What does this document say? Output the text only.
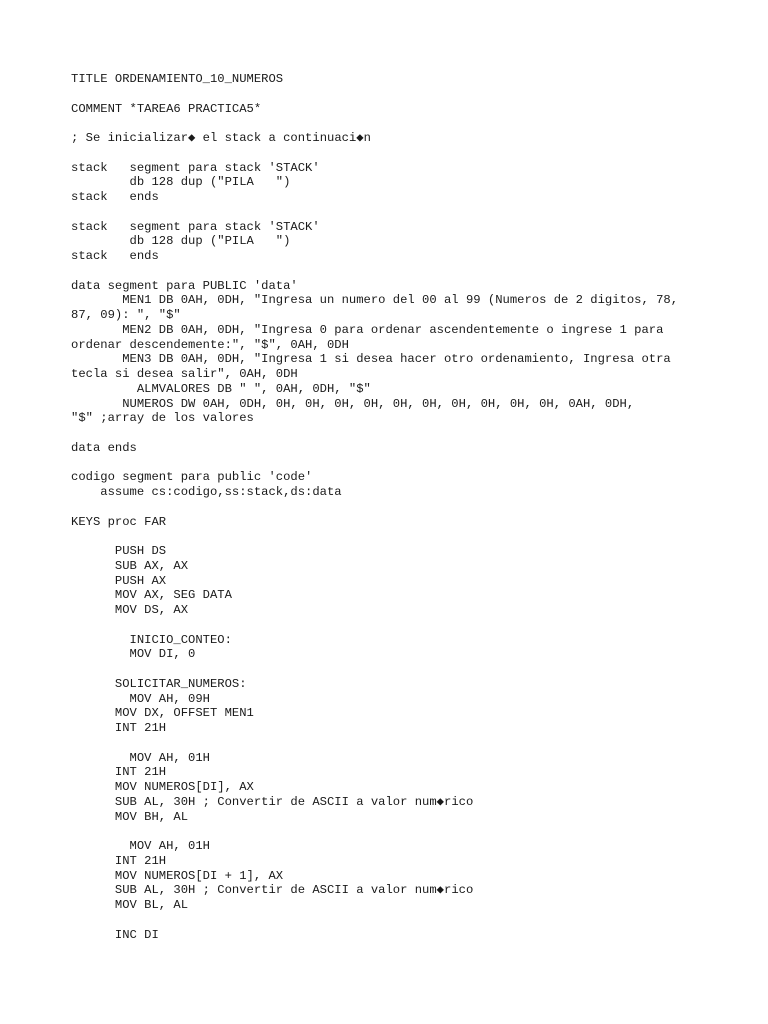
TITLE ORDENAMIENTO_10_NUMEROS
COMMENT *TAREA6 PRACTICA5*
; Se inicializar◆ el stack a continuaci◆n
stack   segment para stack 'STACK'
db 128 dup ("PILA   ")
stack   ends
stack   segment para stack 'STACK'
db 128 dup ("PILA   ")
stack   ends
data segment para PUBLIC 'data'
MEN1 DB 0AH, 0DH, "Ingresa un numero del 00 al 99 (Numeros de 2 digitos, 78,
87, 09): ", "$"
MEN2 DB 0AH, 0DH, "Ingresa 0 para ordenar ascendentemente o ingrese 1 para
ordenar descendemente:", "$", 0AH, 0DH
MEN3 DB 0AH, 0DH, "Ingresa 1 si desea hacer otro ordenamiento, Ingresa otra
tecla si desea salir", 0AH, 0DH
ALMVALORES DB " ", 0AH, 0DH, "$"
NUMEROS DW 0AH, 0DH, 0H, 0H, 0H, 0H, 0H, 0H, 0H, 0H, 0H, 0H, 0AH, 0DH,
"$" ;array de los valores
data ends
codigo segment para public 'code'
assume cs:codigo,ss:stack,ds:data
KEYS proc FAR
PUSH DS
SUB AX, AX
PUSH AX
MOV AX, SEG DATA
MOV DS, AX
INICIO_CONTEO:
MOV DI, 0
SOLICITAR_NUMEROS:
MOV AH, 09H
MOV DX, OFFSET MEN1
INT 21H
MOV AH, 01H
INT 21H
MOV NUMEROS[DI], AX
SUB AL, 30H ; Convertir de ASCII a valor num◆rico
MOV BH, AL
MOV AH, 01H
INT 21H
MOV NUMEROS[DI + 1], AX
SUB AL, 30H ; Convertir de ASCII a valor num◆rico
MOV BL, AL
INC DI
